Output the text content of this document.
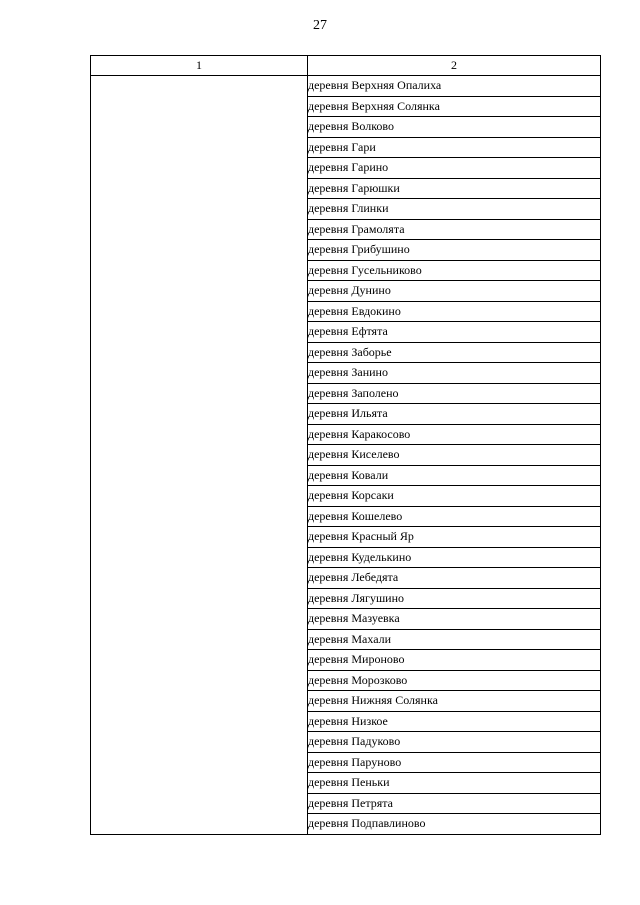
27
1	2
	деревня Верхняя Опалиха
	деревня Верхняя Солянка
	деревня Волково
	деревня Гари
	деревня Гарино
	деревня Гарюшки
	деревня Глинки
	деревня Грамолята
	деревня Грибушино
	деревня Гусельниково
	деревня Дунино
	деревня Евдокино
	деревня Ефтята
	деревня Заборье
	деревня Занино
	деревня Заполено
	деревня Ильята
	деревня Каракосово
	деревня Киселево
	деревня Ковали
	деревня Корсаки
	деревня Кошелево
	деревня Красный Яр
	деревня Куделькино
	деревня Лебедята
	деревня Лягушино
	деревня Мазуевка
	деревня Махали
	деревня Мироново
	деревня Морозково
	деревня Нижняя Солянка
	деревня Низкое
	деревня Падуково
	деревня Паруново
	деревня Пеньки
	деревня Петрята
	деревня Подпавлиново
